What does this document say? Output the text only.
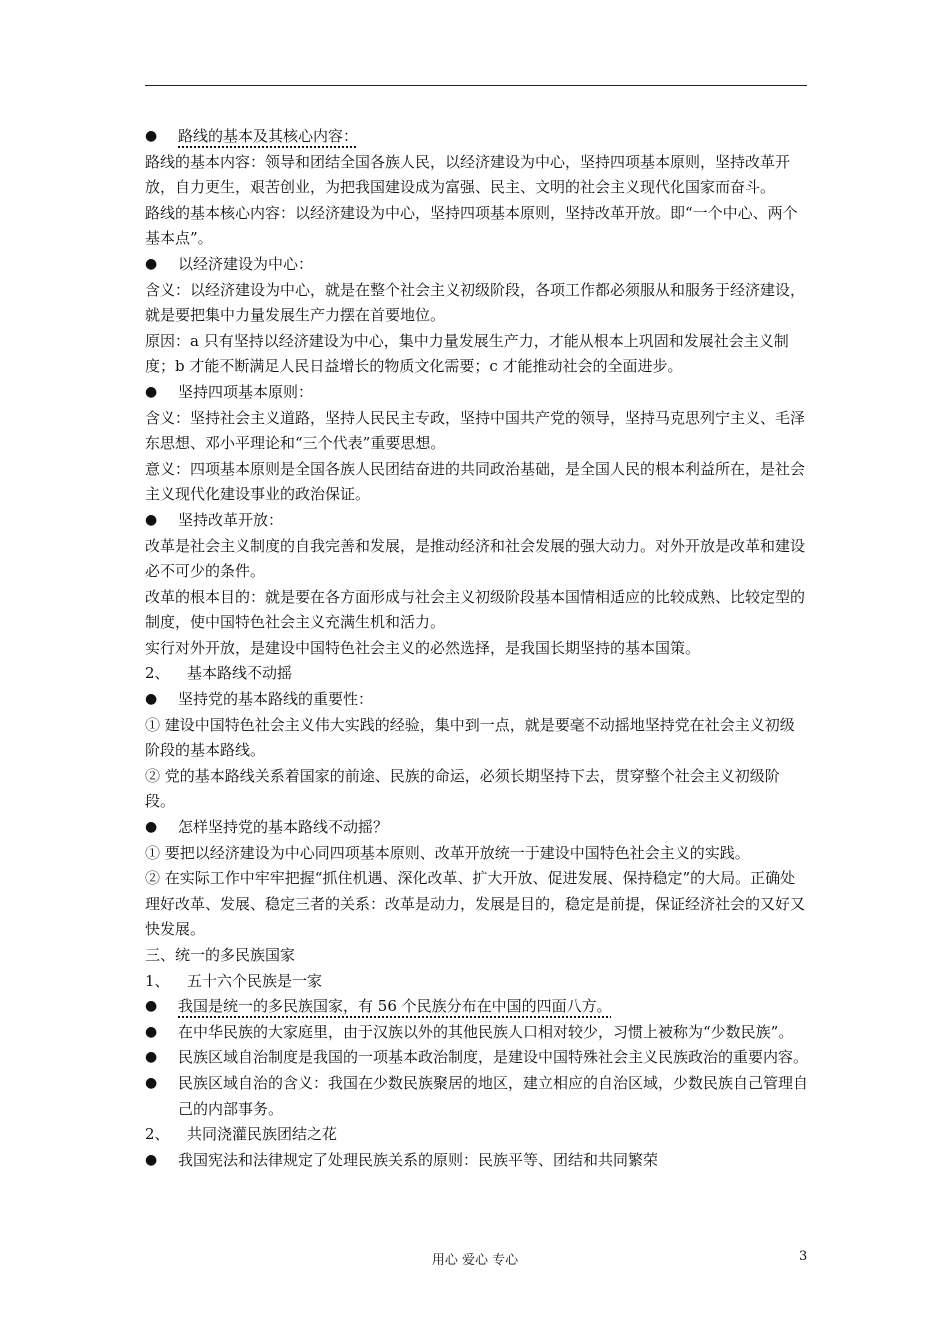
●	路线的基本及其核心内容：
路线的基本内容：领导和团结全国各族人民，以经济建设为中心，坚持四项基本原则，坚持改革开放，自力更生，艰苦创业，为把我国建设成为富强、民主、文明的社会主义现代化国家而奋斗。
路线的基本核心内容：以经济建设为中心，坚持四项基本原则，坚持改革开放。即“一个中心、两个基本点”。
●	以经济建设为中心：
含义：以经济建设为中心，就是在整个社会主义初级阶段，各项工作都必须服从和服务于经济建设，就是要把集中力量发展生产力摆在首要地位。
原因：a 只有坚持以经济建设为中心，集中力量发展生产力，才能从根本上巩固和发展社会主义制度；b 才能不断满足人民日益增长的物质文化需要；c 才能推动社会的全面进步。
●	坚持四项基本原则：
含义：坚持社会主义道路，坚持人民民主专政，坚持中国共产党的领导，坚持马克思列宁主义、毛泽东思想、邓小平理论和“三个代表”重要思想。
意义：四项基本原则是全国各族人民团结奋进的共同政治基础，是全国人民的根本利益所在，是社会主义现代化建设事业的政治保证。
●	坚持改革开放：
改革是社会主义制度的自我完善和发展，是推动经济和社会发展的强大动力。对外开放是改革和建设必不可少的条件。
改革的根本目的：就是要在各方面形成与社会主义初级阶段基本国情相适应的比较成熟、比较定型的制度，使中国特色社会主义充满生机和活力。
实行对外开放，是建设中国特色社会主义的必然选择，是我国长期坚持的基本国策。
2、 基本路线不动摇
●	坚持党的基本路线的重要性：
① 建设中国特色社会主义伟大实践的经验，集中到一点，就是要毫不动摇地坚持党在社会主义初级阶段的基本路线。
② 党的基本路线关系着国家的前途、民族的命运，必须长期坚持下去，贯穿整个社会主义初级阶段。
●	怎样坚持党的基本路线不动摇？
① 要把以经济建设为中心同四项基本原则、改革开放统一于建设中国特色社会主义的实践。
② 在实际工作中牢牢把握“抓住机遇、深化改革、扩大开放、促进发展、保持稳定”的大局。正确处理好改革、发展、稳定三者的关系：改革是动力，发展是目的，稳定是前提，保证经济社会的又好又快发展。
三、统一的多民族国家
1、 五十六个民族是一家
●	我国是统一的多民族国家，有 56 个民族分布在中国的四面八方。
●	在中华民族的大家庭里，由于汉族以外的其他民族人口相对较少，习惯上被称为“少数民族”。
●	民族区域自治制度是我国的一项基本政治制度，是建设中国特殊社会主义民族政治的重要内容。
●	民族区域自治的含义：我国在少数民族聚居的地区，建立相应的自治区域，少数民族自己管理自己的内部事务。
2、 共同浇灌民族团结之花
●	我国宪法和法律规定了处理民族关系的原则：民族平等、团结和共同繁荣
用心 爱心 专心	3
